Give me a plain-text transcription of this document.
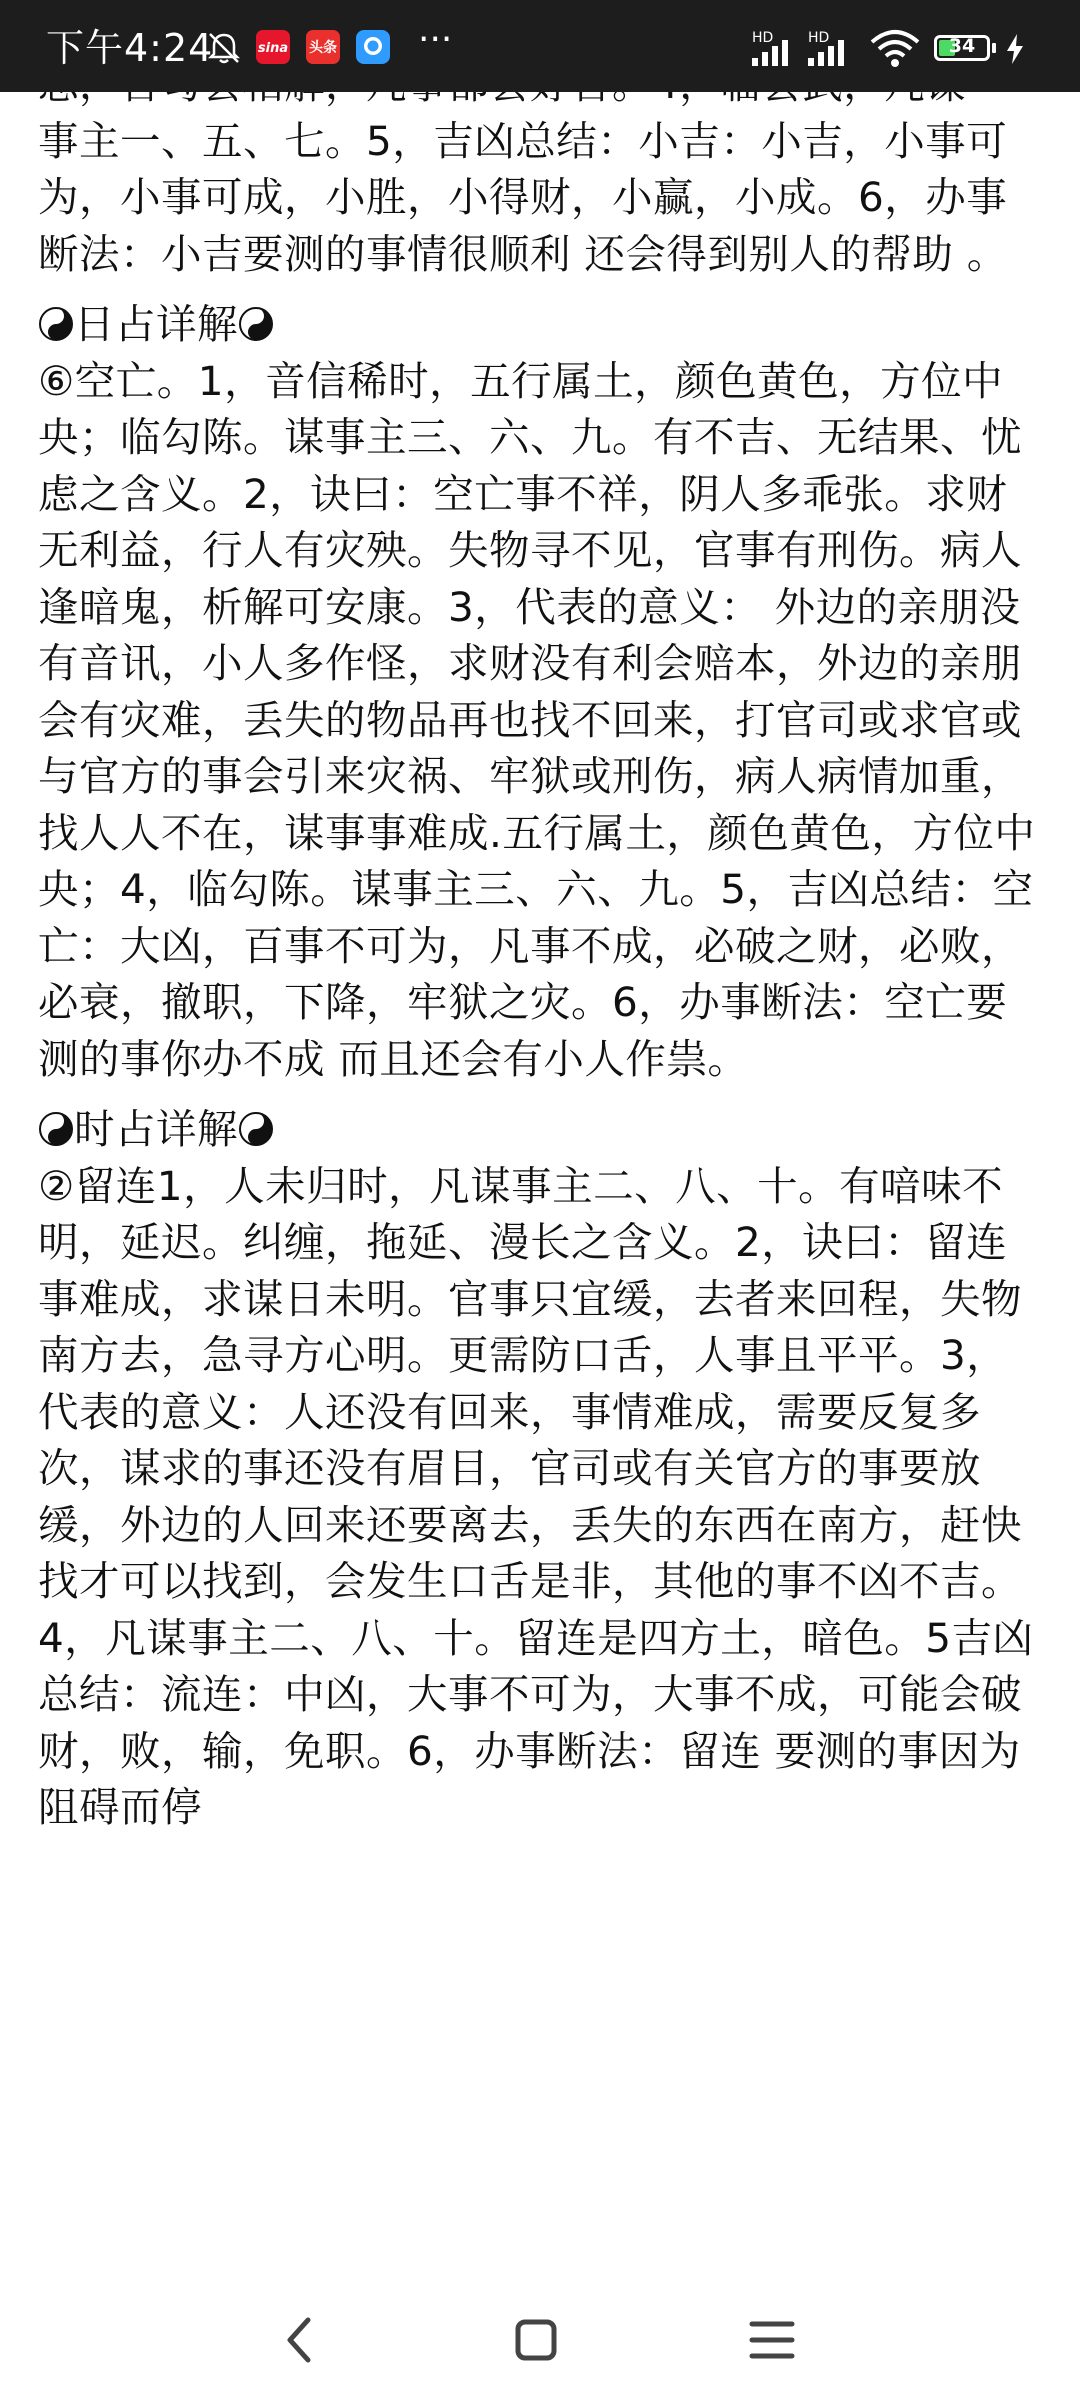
下午4:24	sina 头条 ···	HD HD	34

事主一、五、七。5，吉凶总结：小吉：小吉，小事可为，小事可成，小胜，小得财，小赢，小成。6，办事断法：小吉要测的事情很顺利 还会得到别人的帮助 。

日占详解

⑥空亡。1，音信稀时，五行属土，颜色黄色，方位中央；临勾陈。谋事主三、六、九。有不吉、无结果、忧虑之含义。2，诀曰：空亡事不祥，阴人多乖张。求财无利益，行人有灾殃。失物寻不见，官事有刑伤。病人逢暗鬼，析解可安康。3，代表的意义： 外边的亲朋没有音讯，小人多作怪，求财没有利会赔本，外边的亲朋会有灾难，丢失的物品再也找不回来，打官司或求官或与官方的事会引来灾祸、牢狱或刑伤，病人病情加重，找人人不在，谋事事难成.五行属土，颜色黄色，方位中央；4，临勾陈。谋事主三、六、九。5，吉凶总结：空亡：大凶，百事不可为，凡事不成，必破之财，必败，必衰，撤职，下降，牢狱之灾。6，办事断法：空亡要测的事你办不成 而且还会有小人作祟。

时占详解

②留连1，人未归时，凡谋事主二、八、十。有喑味不明，延迟。纠缠，拖延、漫长之含义。2，诀曰：留连事难成，求谋日未明。官事只宜缓，去者来回程，失物南方去，急寻方心明。更需防口舌，人事且平平。3，代表的意义：人还没有回来，事情难成，需要反复多次，谋求的事还没有眉目，官司或有关官方的事要放缓，外边的人回来还要离去，丢失的东西在南方，赶快找才可以找到，会发生口舌是非，其他的事不凶不吉。4，凡谋事主二、八、十。留连是四方土，暗色。5吉凶总结：流连：中凶，大事不可为，大事不成，可能会破财，败，输，免职。6，办事断法：留连 要测的事因为阻碍而停
